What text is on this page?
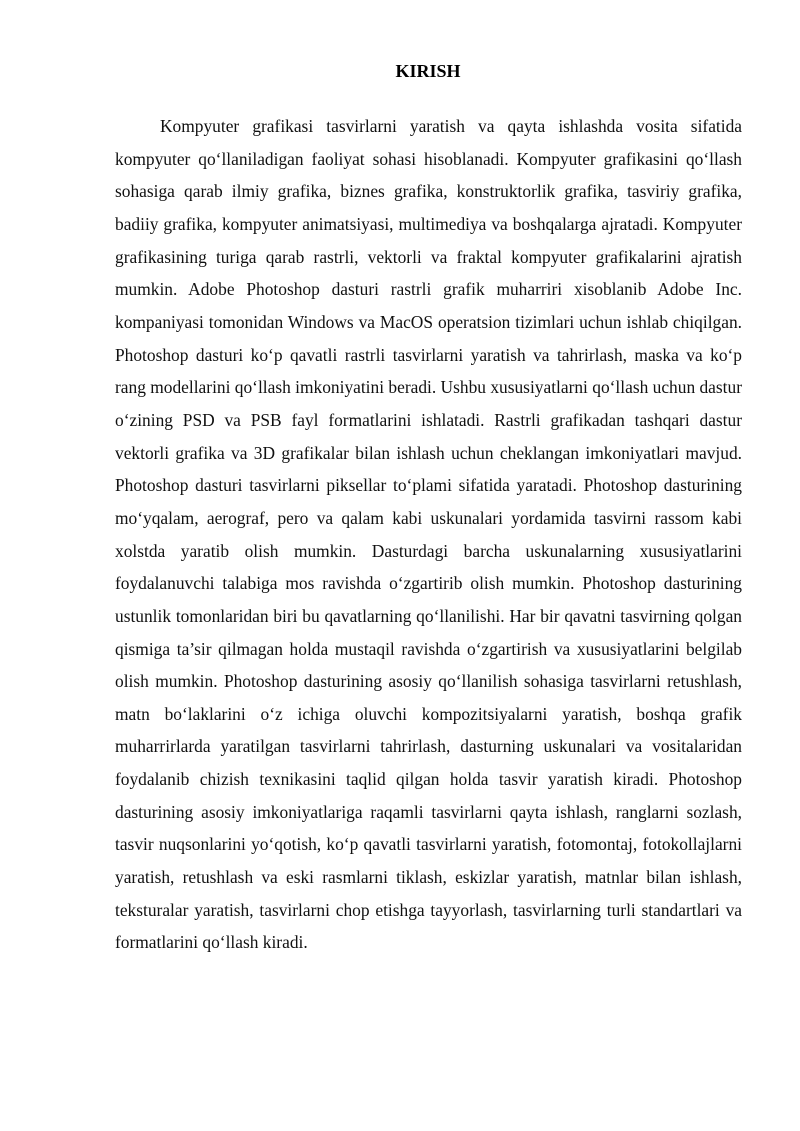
KIRISH

Kompyuter grafikasi tasvirlarni yaratish va qayta ishlashda vosita sifatida kompyuter qo‘llaniladigan faoliyat sohasi hisoblanadi. Kompyuter grafikasini qo‘llash sohasiga qarab ilmiy grafika, biznes grafika, konstruktorlik grafika, tasviriy grafika, badiiy grafika, kompyuter animatsiyasi, multimediya va boshqalarga ajratadi. Kompyuter grafikasining turiga qarab rastrli, vektorli va fraktal kompyuter grafikalarini ajratish mumkin. Adobe Photoshop dasturi rastrli grafik muharriri xisoblanib Adobe Inc. kompaniyasi tomonidan Windows va MacOS operatsion tizimlari uchun ishlab chiqilgan. Photoshop dasturi ko‘p qavatli rastrli tasvirlarni yaratish va tahrirlash, maska va ko‘p rang modellarini qo‘llash imkoniyatini beradi. Ushbu xususiyatlarni qo‘llash uchun dastur o‘zining PSD va PSB fayl formatlarini ishlatadi. Rastrli grafikadan tashqari dastur vektorli grafika va 3D grafikalar bilan ishlash uchun cheklangan imkoniyatlari mavjud. Photoshop dasturi tasvirlarni piksellar to‘plami sifatida yaratadi. Photoshop dasturining mo‘yqalam, aerograf, pero va qalam kabi uskunalari yordamida tasvirni rassom kabi xolstda yaratib olish mumkin. Dasturdagi barcha uskunalarning xususiyatlarini foydalanuvchi talabiga mos ravishda o‘zgartirib olish mumkin. Photoshop dasturining ustunlik tomonlaridan biri bu qavatlarning qo‘llanilishi. Har bir qavatni tasvirning qolgan qismiga ta’sir qilmagan holda mustaqil ravishda o‘zgartirish va xususiyatlarini belgilab olish mumkin. Photoshop dasturining asosiy qo‘llanilish sohasiga tasvirlarni retushlash, matn bo‘laklarini o‘z ichiga oluvchi kompozitsiyalarni yaratish, boshqa grafik muharrirlarda yaratilgan tasvirlarni tahrirlash, dasturning uskunalari va vositalaridan foydalanib chizish texnikasini taqlid qilgan holda tasvir yaratish kiradi. Photoshop dasturining asosiy imkoniyatlariga raqamli tasvirlarni qayta ishlash, ranglarni sozlash, tasvir nuqsonlarini yo‘qotish, ko‘p qavatli tasvirlarni yaratish, fotomontaj, fotokollajlarni yaratish, retushlash va eski rasmlarni tiklash, eskizlar yaratish, matnlar bilan ishlash, teksturalar yaratish, tasvirlarni chop etishga tayyorlash, tasvirlarning turli standartlari va formatlarini qo‘llash kiradi.
